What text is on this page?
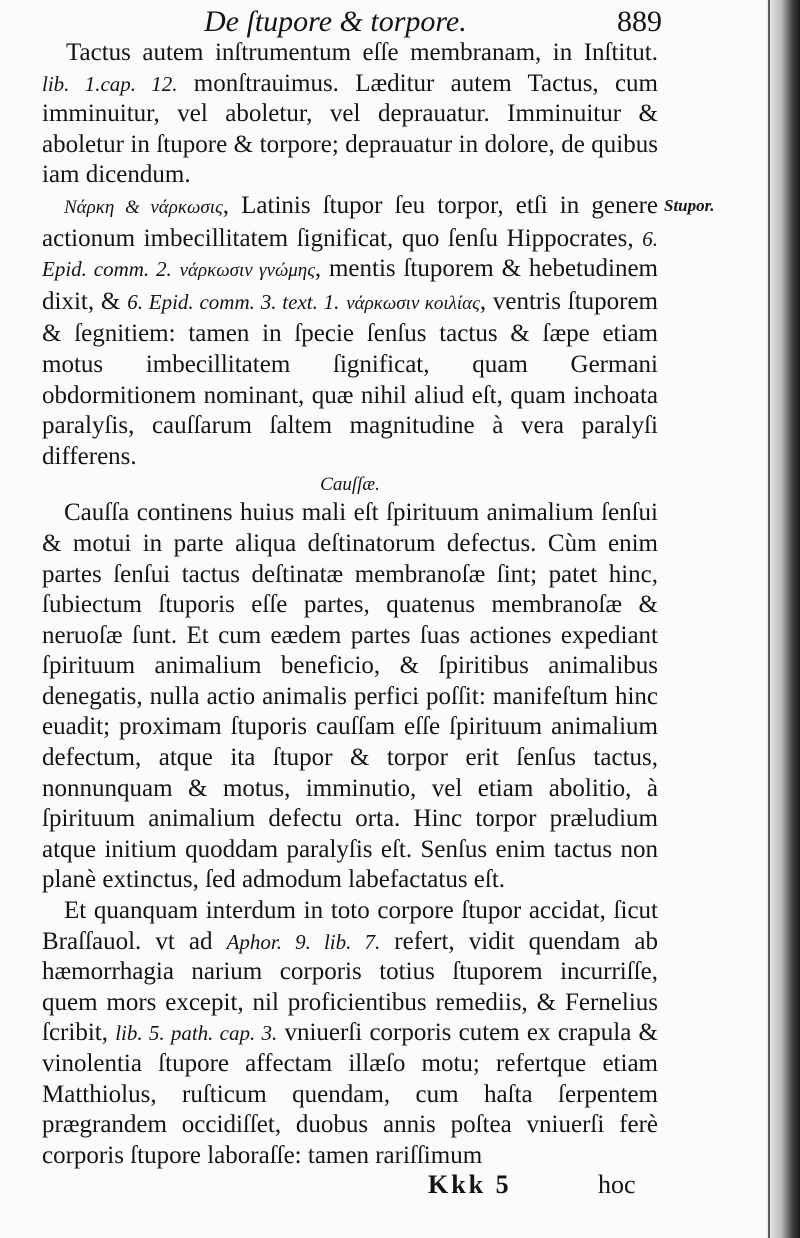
De ſtupore & torpore.	889
Stupor.

Tactus autem inſtrumentum eſſe membranam, in Inſtitut. lib. 1.cap. 12. monſtrauimus. Læditur autem Tactus, cum imminuitur, vel aboletur, vel deprauatur. Imminuitur & aboletur in ſtupore & torpore; deprauatur in dolore, de quibus iam dicendum.

Νάρκη & νάρκωσις, Latinis ſtupor ſeu torpor, etſi in genere actionum imbecillitatem ſignificat, quo ſenſu Hippocrates, 6. Epid. comm. 2. νάρκωσιν γνώμης, mentis ſtuporem & hebetudinem dixit, & 6. Epid. comm. 3. text. 1. νάρκωσιν κοιλίας, ventris ſtuporem & ſegnitiem: tamen in ſpecie ſenſus tactus & ſæpe etiam motus imbecillitatem ſignificat, quam Germani obdormitionem nominant, quæ nihil aliud eſt, quam inchoata paralyſis, cauſſarum ſaltem magnitudine à vera paralyſi differens.

Cauſſæ.

Cauſſa continens huius mali eſt ſpirituum animalium ſenſui & motui in parte aliqua deſtinatorum defectus. Cùm enim partes ſenſui tactus deſtinatæ membranoſæ ſint; patet hinc, ſubiectum ſtuporis eſſe partes, quatenus membranoſæ & neruoſæ ſunt. Et cum eædem partes ſuas actiones expediant ſpirituum animalium beneficio, & ſpiritibus animalibus denegatis, nulla actio animalis perfici poſſit: manifeſtum hinc euadit; proximam ſtuporis cauſſam eſſe ſpirituum animalium defectum, atque ita ſtupor & torpor erit ſenſus tactus, nonnunquam & motus, imminutio, vel etiam abolitio, à ſpirituum animalium defectu orta. Hinc torpor præludium atque initium quoddam paralyſis eſt. Senſus enim tactus non planè extinctus, ſed admodum labefactatus eſt.

Et quanquam interdum in toto corpore ſtupor accidat, ſicut Braſſauol. vt ad Aphor. 9. lib. 7. refert, vidit quendam ab hæmorrhagia narium corporis totius ſtuporem incurriſſe, quem mors excepit, nil proficientibus remediis, & Fernelius ſcribit, lib. 5. path. cap. 3. vniuerſi corporis cutem ex crapula & vinolentia ſtupore affectam illæſo motu; refertque etiam Matthiolus, ruſticum quendam, cum haſta ſerpentem prægrandem occidiſſet, duobus annis poſtea vniuerſi ferè corporis ſtupore laboraſſe: tamen rariſſimum

Kkk 5	hoc
